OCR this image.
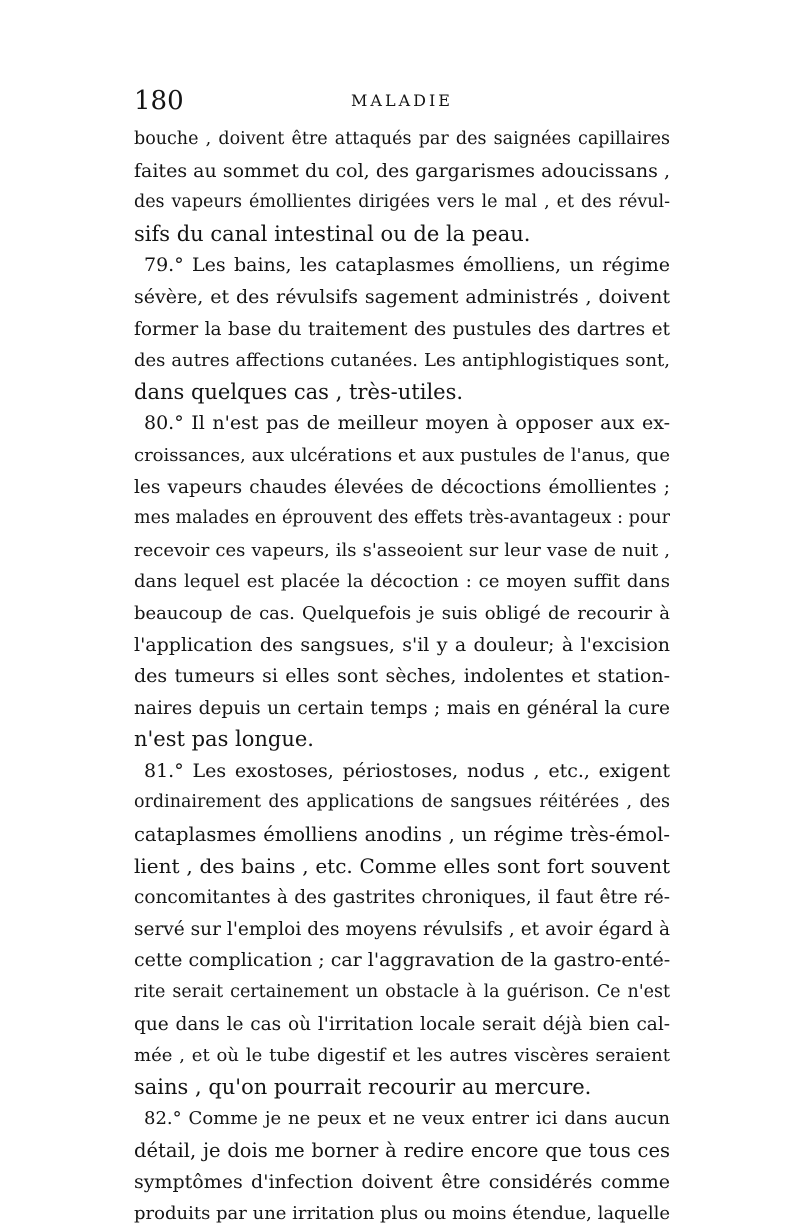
180	MALADIE
bouche , doivent être attaqués par des saignées capillaires
faites au sommet du col, des gargarismes adoucissans ,
des vapeurs émollientes dirigées vers le mal , et des révul-
sifs du canal intestinal ou de la peau.
79.° Les bains, les cataplasmes émolliens, un régime
sévère, et des révulsifs sagement administrés , doivent
former la base du traitement des pustules des dartres et
des autres affections cutanées. Les antiphlogistiques sont,
dans quelques cas , très-utiles.
80.° Il n'est pas de meilleur moyen à opposer aux ex-
croissances, aux ulcérations et aux pustules de l'anus, que
les vapeurs chaudes élevées de décoctions émollientes ;
mes malades en éprouvent des effets très-avantageux : pour
recevoir ces vapeurs, ils s'asseoient sur leur vase de nuit ,
dans lequel est placée la décoction : ce moyen suffit dans
beaucoup de cas. Quelquefois je suis obligé de recourir à
l'application des sangsues, s'il y a douleur; à l'excision
des tumeurs si elles sont sèches, indolentes et station-
naires depuis un certain temps ; mais en général la cure
n'est pas longue.
81.° Les exostoses, périostoses, nodus , etc., exigent
ordinairement des applications de sangsues réitérées , des
cataplasmes émolliens anodins , un régime très-émol-
lient , des bains , etc. Comme elles sont fort souvent
concomitantes à des gastrites chroniques, il faut être ré-
servé sur l'emploi des moyens révulsifs , et avoir égard à
cette complication ; car l'aggravation de la gastro-enté-
rite serait certainement un obstacle à la guérison. Ce n'est
que dans le cas où l'irritation locale serait déjà bien cal-
mée , et où le tube digestif et les autres viscères seraient
sains , qu'on pourrait recourir au mercure.
82.° Comme je ne peux et ne veux entrer ici dans aucun
détail, je dois me borner à redire encore que tous ces
symptômes d'infection doivent être considérés comme
produits par une irritation plus ou moins étendue, laquelle
